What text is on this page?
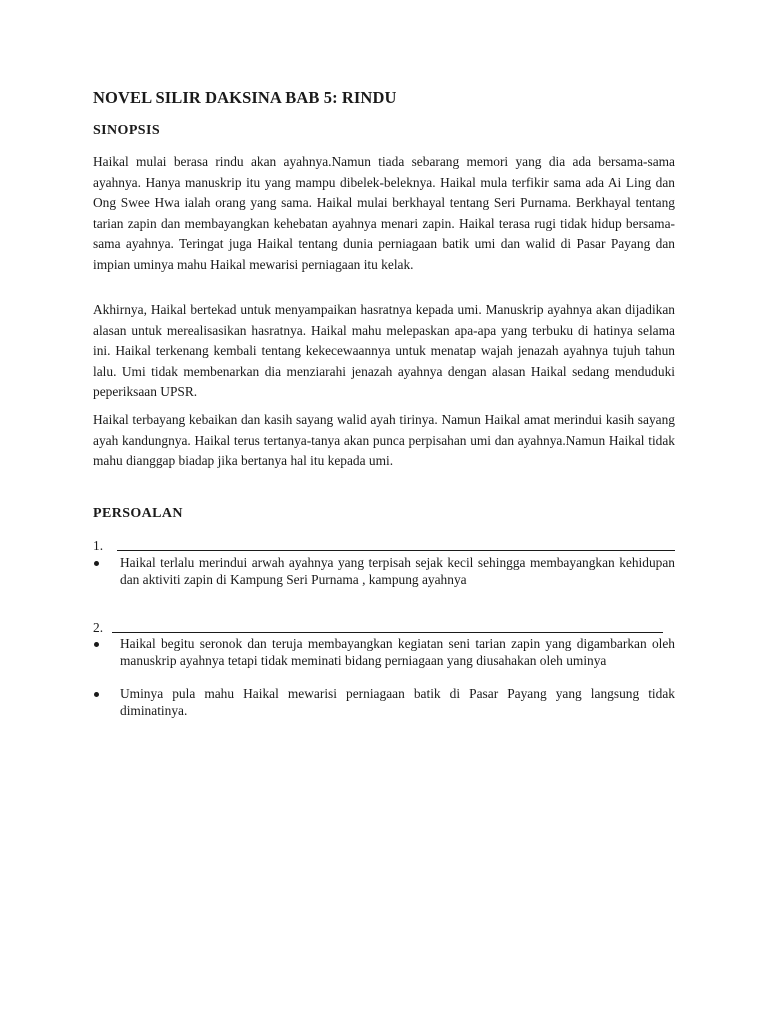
NOVEL SILIR DAKSINA BAB 5: RINDU
SINOPSIS

Haikal mulai berasa rindu akan ayahnya.Namun tiada sebarang memori yang dia ada bersama-sama ayahnya. Hanya manuskrip itu yang mampu dibelek-beleknya. Haikal mula terfikir sama ada Ai Ling dan Ong Swee Hwa ialah orang yang sama. Haikal mulai berkhayal tentang Seri Purnama. Berkhayal tentang tarian zapin dan membayangkan kehebatan ayahnya menari zapin. Haikal terasa rugi tidak hidup bersama-sama ayahnya. Teringat juga Haikal tentang dunia perniagaan batik umi dan walid di Pasar Payang dan impian uminya mahu Haikal mewarisi perniagaan itu kelak.

Akhirnya, Haikal bertekad untuk menyampaikan hasratnya kepada umi. Manuskrip ayahnya akan dijadikan alasan untuk merealisasikan hasratnya. Haikal mahu melepaskan apa-apa yang terbuku di hatinya selama ini. Haikal terkenang kembali tentang kekecewaannya untuk menatap wajah jenazah ayahnya tujuh tahun lalu. Umi tidak membenarkan dia menziarahi jenazah ayahnya dengan alasan Haikal sedang menduduki peperiksaan UPSR.

Haikal terbayang kebaikan dan kasih sayang walid ayah tirinya. Namun Haikal amat merindui kasih sayang ayah kandungnya. Haikal terus tertanya-tanya akan punca perpisahan umi dan ayahnya.Namun Haikal tidak mahu dianggap biadap jika bertanya hal itu kepada umi.

PERSOALAN
1.
Haikal terlalu merindui arwah ayahnya yang terpisah sejak kecil sehingga membayangkan kehidupan dan aktiviti zapin di Kampung Seri Purnama , kampung ayahnya
2.
Haikal begitu seronok dan teruja membayangkan kegiatan seni tarian zapin yang digambarkan oleh manuskrip ayahnya tetapi tidak meminati bidang perniagaan yang diusahakan oleh uminya
Uminya pula mahu Haikal mewarisi perniagaan batik di Pasar Payang yang langsung tidak diminatinya.
